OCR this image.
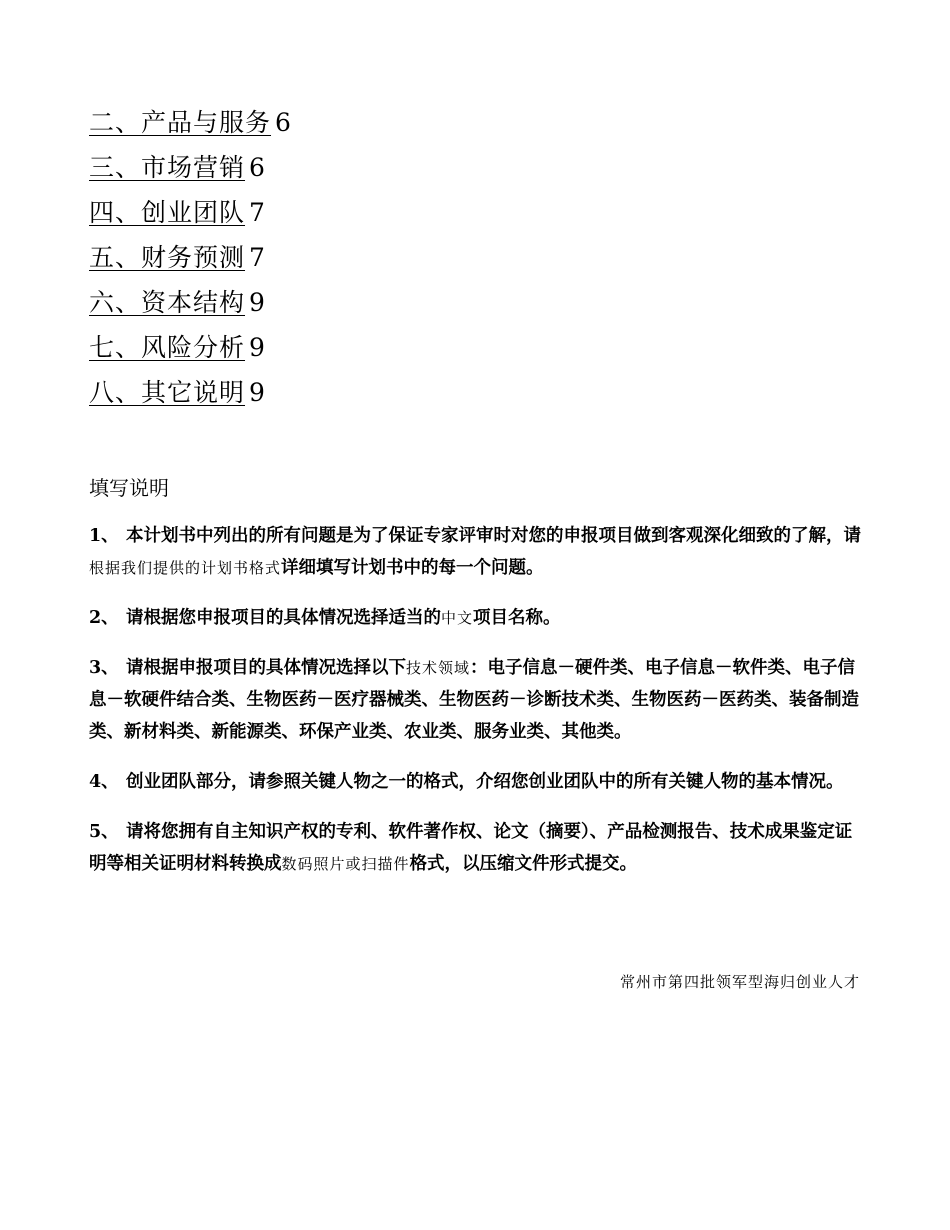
二、产品与服务 6
三、市场营销 6
四、创业团队 7
五、财务预测 7
六、资本结构 9
七、风险分析 9
八、其它说明 9
填写说明

1、 本计划书中列出的所有问题是为了保证专家评审时对您的申报项目做到客观深化细致的了解，请根据我们提供的计划书格式详细填写计划书中的每一个问题。

2、 请根据您申报项目的具体情况选择适当的中文项目名称。

3、 请根据申报项目的具体情况选择以下技术领域：电子信息－硬件类、电子信息－软件类、电子信息－软硬件结合类、生物医药－医疗器械类、生物医药－诊断技术类、生物医药－医药类、装备制造类、新材料类、新能源类、环保产业类、农业类、服务业类、其他类。

4、 创业团队部分，请参照关键人物之一的格式，介绍您创业团队中的所有关键人物的基本情况。

5、 请将您拥有自主知识产权的专利、软件著作权、论文（摘要）、产品检测报告、技术成果鉴定证明等相关证明材料转换成数码照片或扫描件格式，以压缩文件形式提交。

常州市第四批领军型海归创业人才
